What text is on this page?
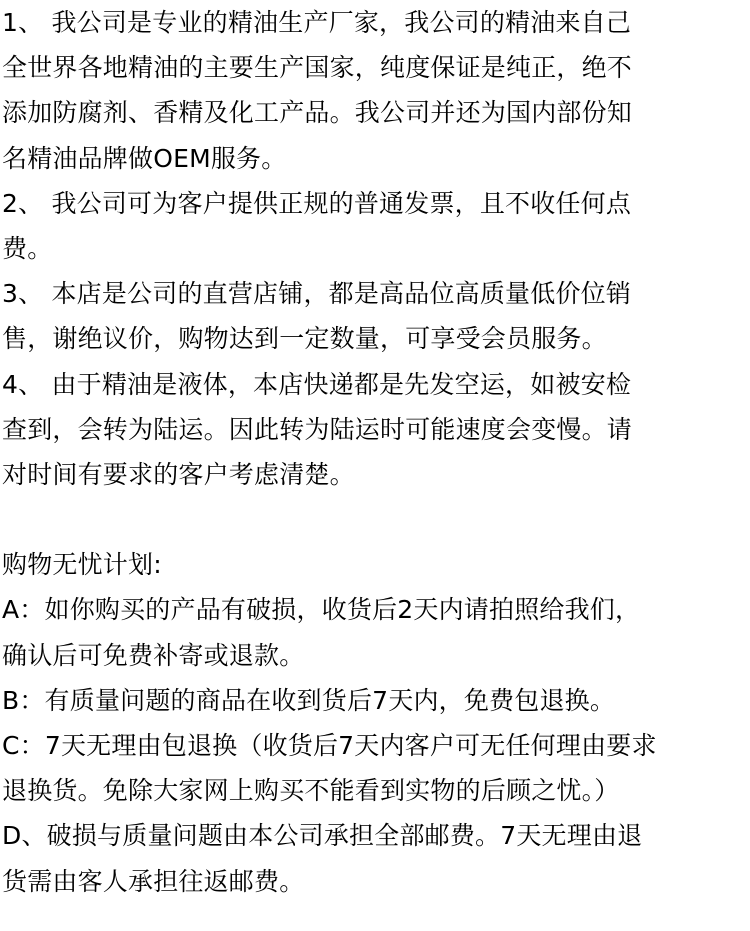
1、 我公司是专业的精油生产厂家，我公司的精油来自己
全世界各地精油的主要生产国家，纯度保证是纯正，绝不
添加防腐剂、香精及化工产品。我公司并还为国内部份知
名精油品牌做OEM服务。
2、 我公司可为客户提供正规的普通发票，且不收任何点
费。
3、 本店是公司的直营店铺，都是高品位高质量低价位销
售，谢绝议价，购物达到一定数量，可享受会员服务。
4、 由于精油是液体，本店快递都是先发空运，如被安检
查到，会转为陆运。因此转为陆运时可能速度会变慢。请
对时间有要求的客户考虑清楚。
购物无忧计划:
A：如你购买的产品有破损，收货后2天内请拍照给我们，
确认后可免费补寄或退款。
B：有质量问题的商品在收到货后7天内，免费包退换。
C：7天无理由包退换（收货后7天内客户可无任何理由要求
退换货。免除大家网上购买不能看到实物的后顾之忧。）
D、破损与质量问题由本公司承担全部邮费。7天无理由退
货需由客人承担往返邮费。
